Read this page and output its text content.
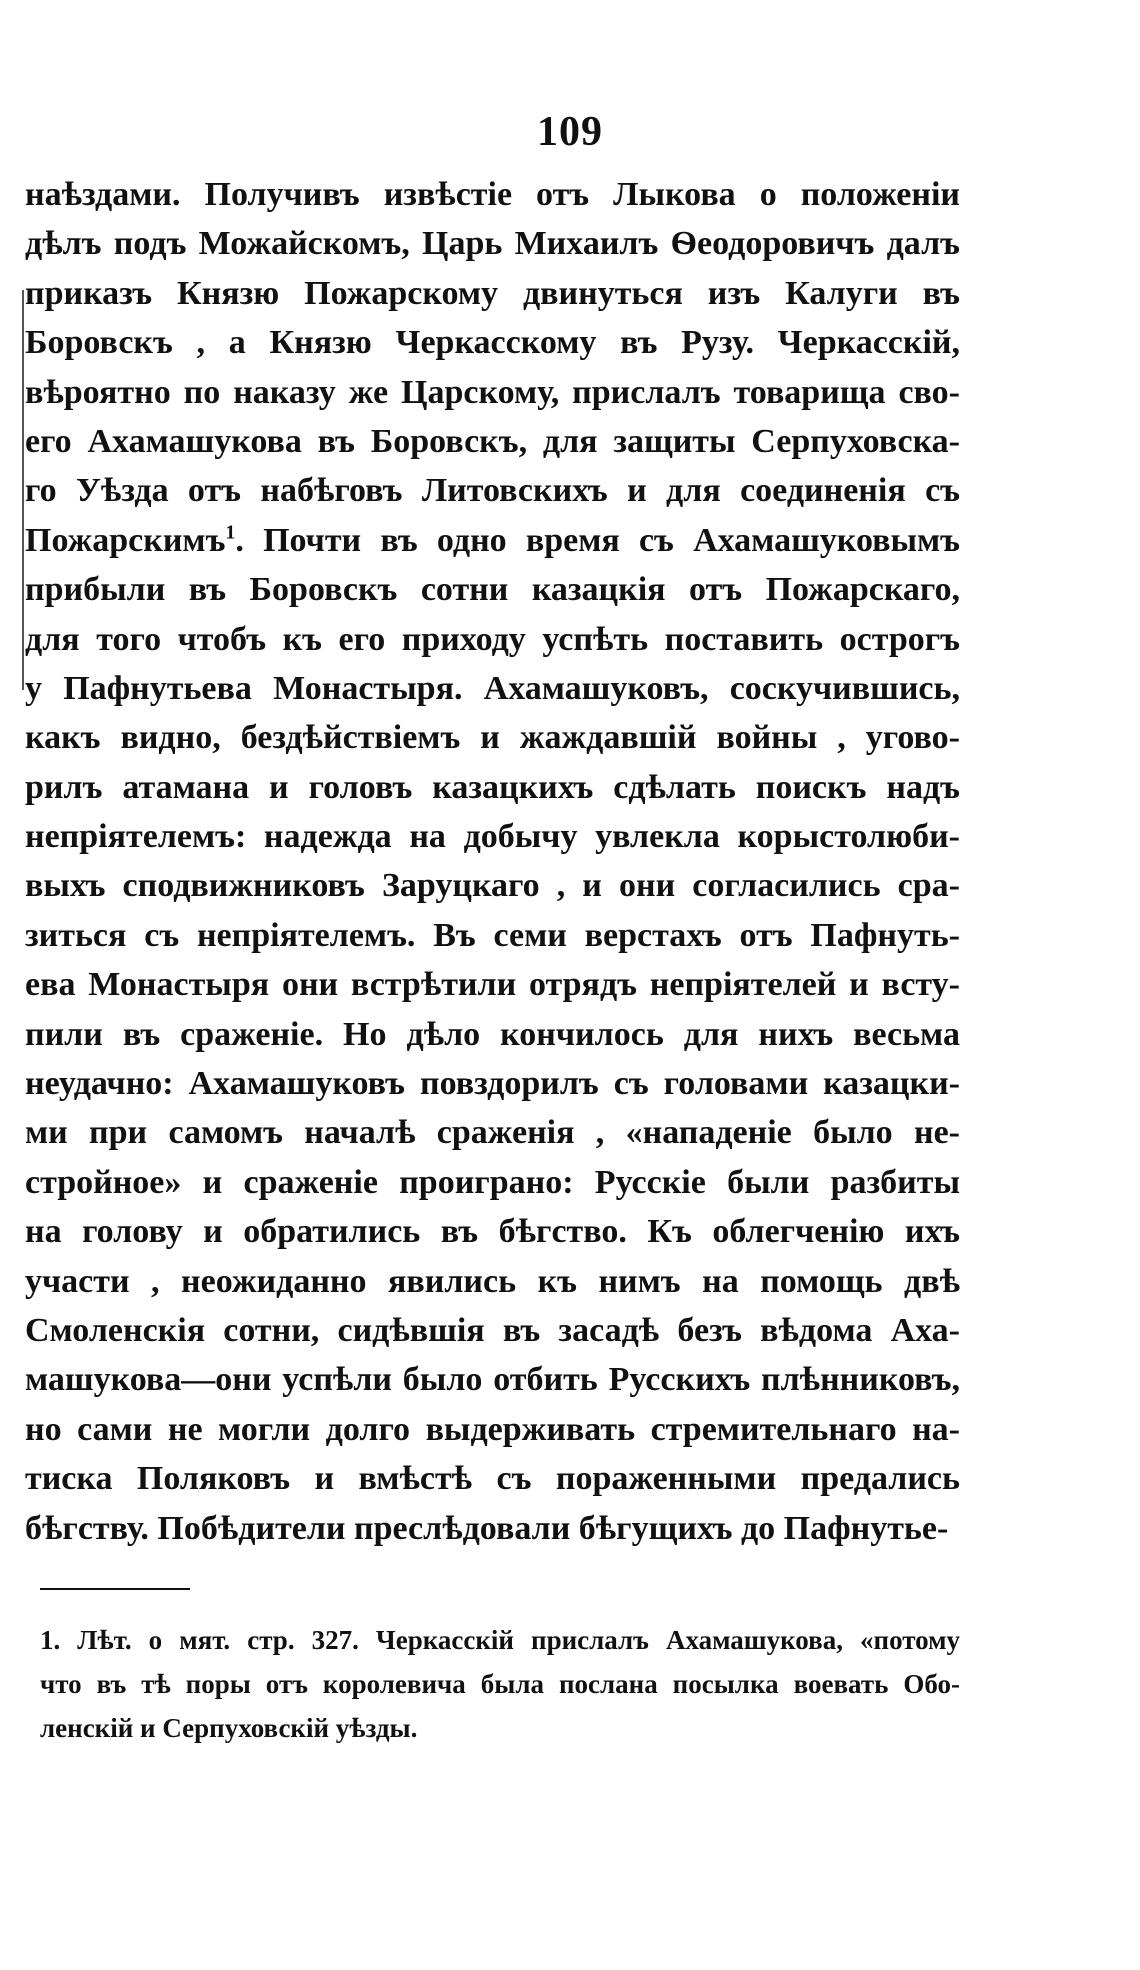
109
наѣздами. Получивъ извѣстіе отъ Лыкова о положеніи
дѣлъ подъ Можайскомъ, Царь Михаилъ Ѳеодоровичъ далъ
приказъ Князю Пожарскому двинуться изъ Калуги въ
Боровскъ , а Князю Черкасскому въ Рузу. Черкасскій,
вѣроятно по наказу же Царскому, прислалъ товарища сво-
его Ахамашукова въ Боровскъ, для защиты Серпуховска-
го Уѣзда отъ набѣговъ Литовскихъ и для соединенія съ
Пожарскимъ$^1$. Почти въ одно время съ Ахамашуковымъ
прибыли въ Боровскъ сотни казацкія отъ Пожарскаго,
для того чтобъ къ его приходу успѣть поставить острогъ
у Пафнутьева Монастыря. Ахамашуковъ, соскучившись,
какъ видно, бездѣйствіемъ и жаждавшій войны , угово-
рилъ атамана и головъ казацкихъ сдѣлать поискъ надъ
непріятелемъ: надежда на добычу увлекла корыстолюби-
выхъ сподвижниковъ Заруцкаго , и они согласились сра-
зиться съ непріятелемъ. Въ семи верстахъ отъ Пафнуть-
ева Монастыря они встрѣтили отрядъ непріятелей и всту-
пили въ сраженіе. Но дѣло кончилось для нихъ весьма
неудачно: Ахамашуковъ повздорилъ съ головами казацки-
ми при самомъ началѣ сраженія , «нападеніе было не-
стройное» и сраженіе проиграно: Русскіе были разбиты
на голову и обратились въ бѣгство. Къ облегченію ихъ
участи , неожиданно явились къ нимъ на помощь двѣ
Смоленскія сотни, сидѣвшія въ засадѣ безъ вѣдома Аха-
машукова—они успѣли было отбить Русскихъ плѣнниковъ,
но сами не могли долго выдерживать стремительнаго на-
тиска Поляковъ и вмѣстѣ съ пораженными предались
бѣгству. Побѣдители преслѣдовали бѣгущихъ до Пафнутье-
1. Лѣт. о мят. стр. 327. Черкасскій прислалъ Ахамашукова, «потому
что въ тѣ поры отъ королевича была послана посылка воевать Обо-
ленскій и Серпуховскій уѣзды.
